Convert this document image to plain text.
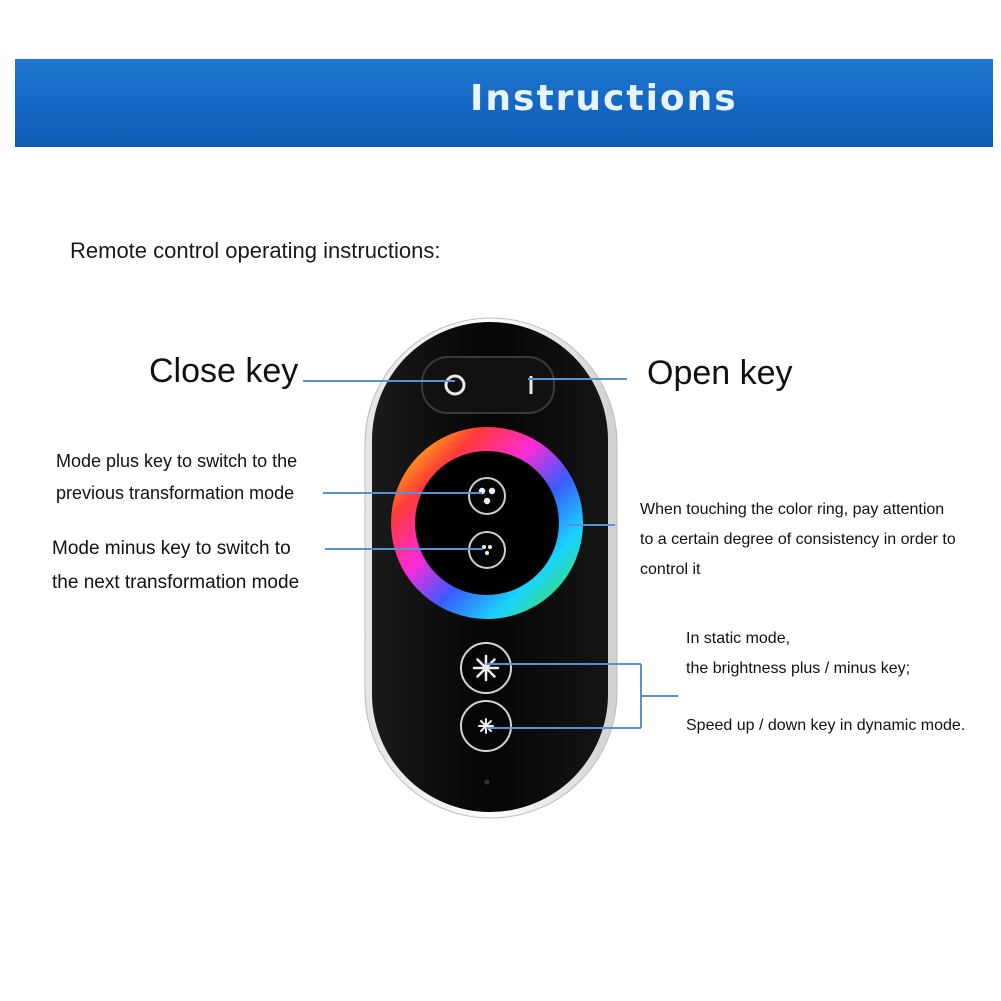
Instructions
Remote control operating instructions:
Close key	Open key
Mode plus key to switch to the
previous transformation mode
Mode minus key to switch to
the next transformation mode
When touching the color ring, pay attention
to a certain degree of consistency in order to
control it
In static mode,
the brightness plus / minus key;
Speed up / down key in dynamic mode.
